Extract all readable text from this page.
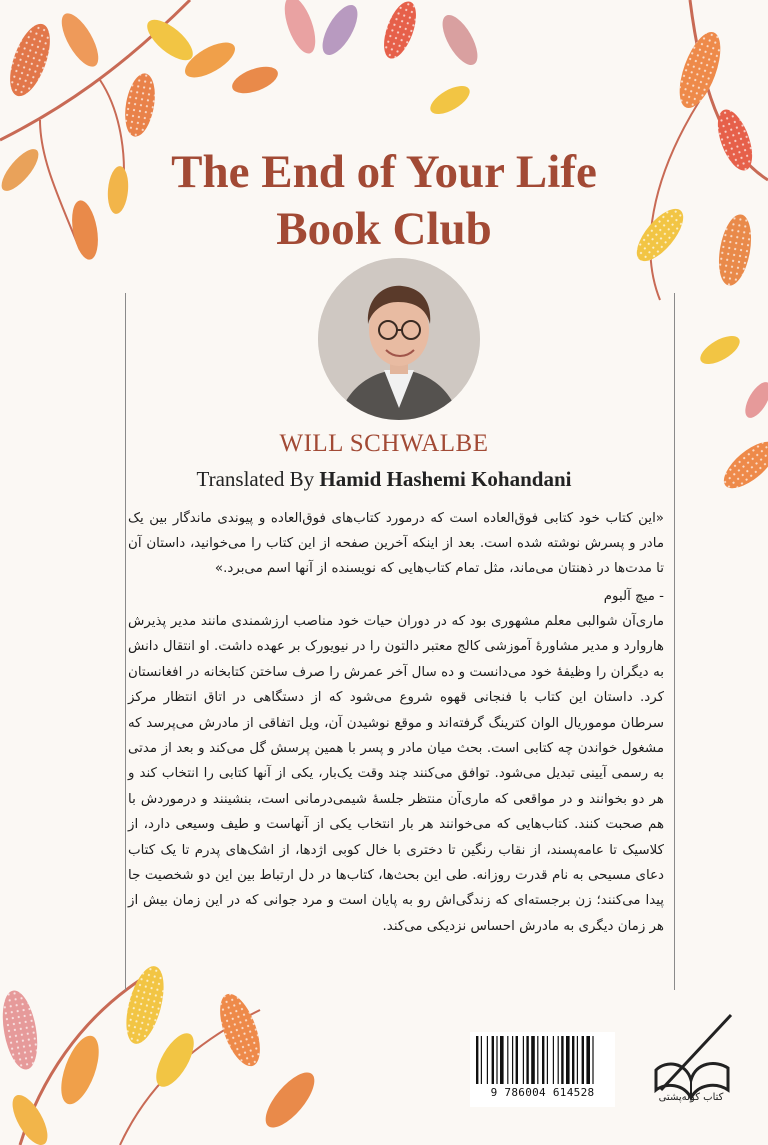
The End of Your Life
Book Club
WILL SCHWALBE
Translated By Hamid Hashemi Kohandani

«این کتاب خود کتابی فوق‌العاده است که درمورد کتاب‌های فوق‌العاده و پیوندی ماندگار بین یک مادر و پسرش نوشته شده است. بعد از اینکه آخرین صفحه از این کتاب را می‌خوانید، داستان آن تا مدت‌ها در ذهنتان می‌ماند، مثل تمام کتاب‌هایی که نویسنده از آنها اسم می‌برد.»

- میچ آلبوم

ماری‌آن شوالبی معلم مشهوری بود که در دوران حیات خود مناصب ارزشمندی مانند مدیر پذیرش هاروارد و مدیر مشاورهٔ آموزشی کالج معتبر دالتون را در نیویورک بر عهده داشت. او انتقال دانش به دیگران را وظیفهٔ خود می‌دانست و ده سال آخر عمرش را صرف ساختن کتابخانه در افغانستان کرد. داستان این کتاب با فنجانی قهوه شروع می‌شود که از دستگاهی در اتاق انتظار مرکز سرطان موموریال الوان کترینگ گرفته‌اند و موقع نوشیدن آن، ویل اتفاقی از مادرش می‌پرسد که مشغول خواندن چه کتابی است. بحث میان مادر و پسر با همین پرسش گل می‌کند و بعد از مدتی به رسمی آیینی تبدیل می‌شود. توافق می‌کنند چند وقت یک‌بار، یکی از آنها کتابی را انتخاب کند و هر دو بخوانند و در مواقعی که ماری‌آن منتظر جلسهٔ شیمی‌درمانی است، بنشینند و درموردش با هم صحبت کنند. کتاب‌هایی که می‌خوانند هر بار انتخاب یکی از آنهاست و طیف وسیعی دارد، از کلاسیک تا عامه‌پسند، از نقاب رنگین تا دختری با خال کوبی اژدها، از اشک‌های پدرم تا یک کتاب دعای مسیحی به نام قدرت روزانه. طی این بحث‌ها، کتاب‌ها در دل ارتباط بین این دو شخصیت جا پیدا می‌کنند؛ زن برجسته‌ای که زندگی‌اش رو به پایان است و مرد جوانی که در این زمان بیش از هر زمان دیگری به مادرش احساس نزدیکی می‌کند.

9 786004 614528	کتاب کوله‌پشتی
